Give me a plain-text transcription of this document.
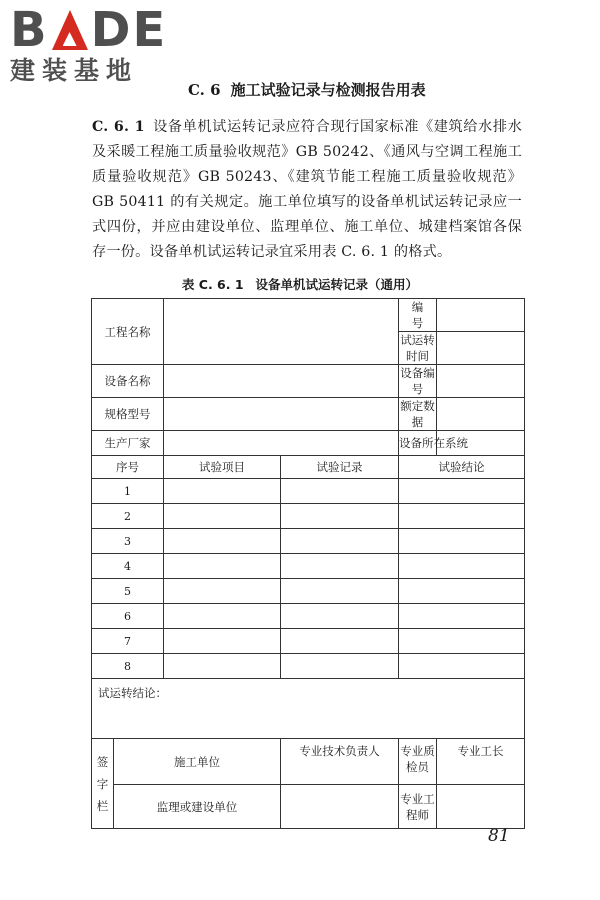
B DE
建装基地
C. 6 施工试验记录与检测报告用表
C. 6. 1 设备单机试运转记录应符合现行国家标准《建筑给水排水及采暖工程施工质量验收规范》GB 50242、《通风与空调工程施工质量验收规范》GB 50243、《建筑节能工程施工质量验收规范》GB 50411 的有关规定。施工单位填写的设备单机试运转记录应一式四份，并应由建设单位、监理单位、施工单位、城建档案馆各保存一份。设备单机试运转记录宜采用表 C. 6. 1 的格式。
表 C. 6. 1 设备单机试运转记录（通用）
工程名称				编　　号	
				试运转时间	
设备名称				设备编号	
规格型号				额定数据	
生产厂家				设备所在系统	
序号		试验项目	试验记录	试验结论	
1					
2					
3					
4					
5					
6					
7					
8					
试运转结论：					
签字栏	施工单位		专业技术负责人	专业质检员	专业工长
	监理或建设单位			专业工程师	
81
